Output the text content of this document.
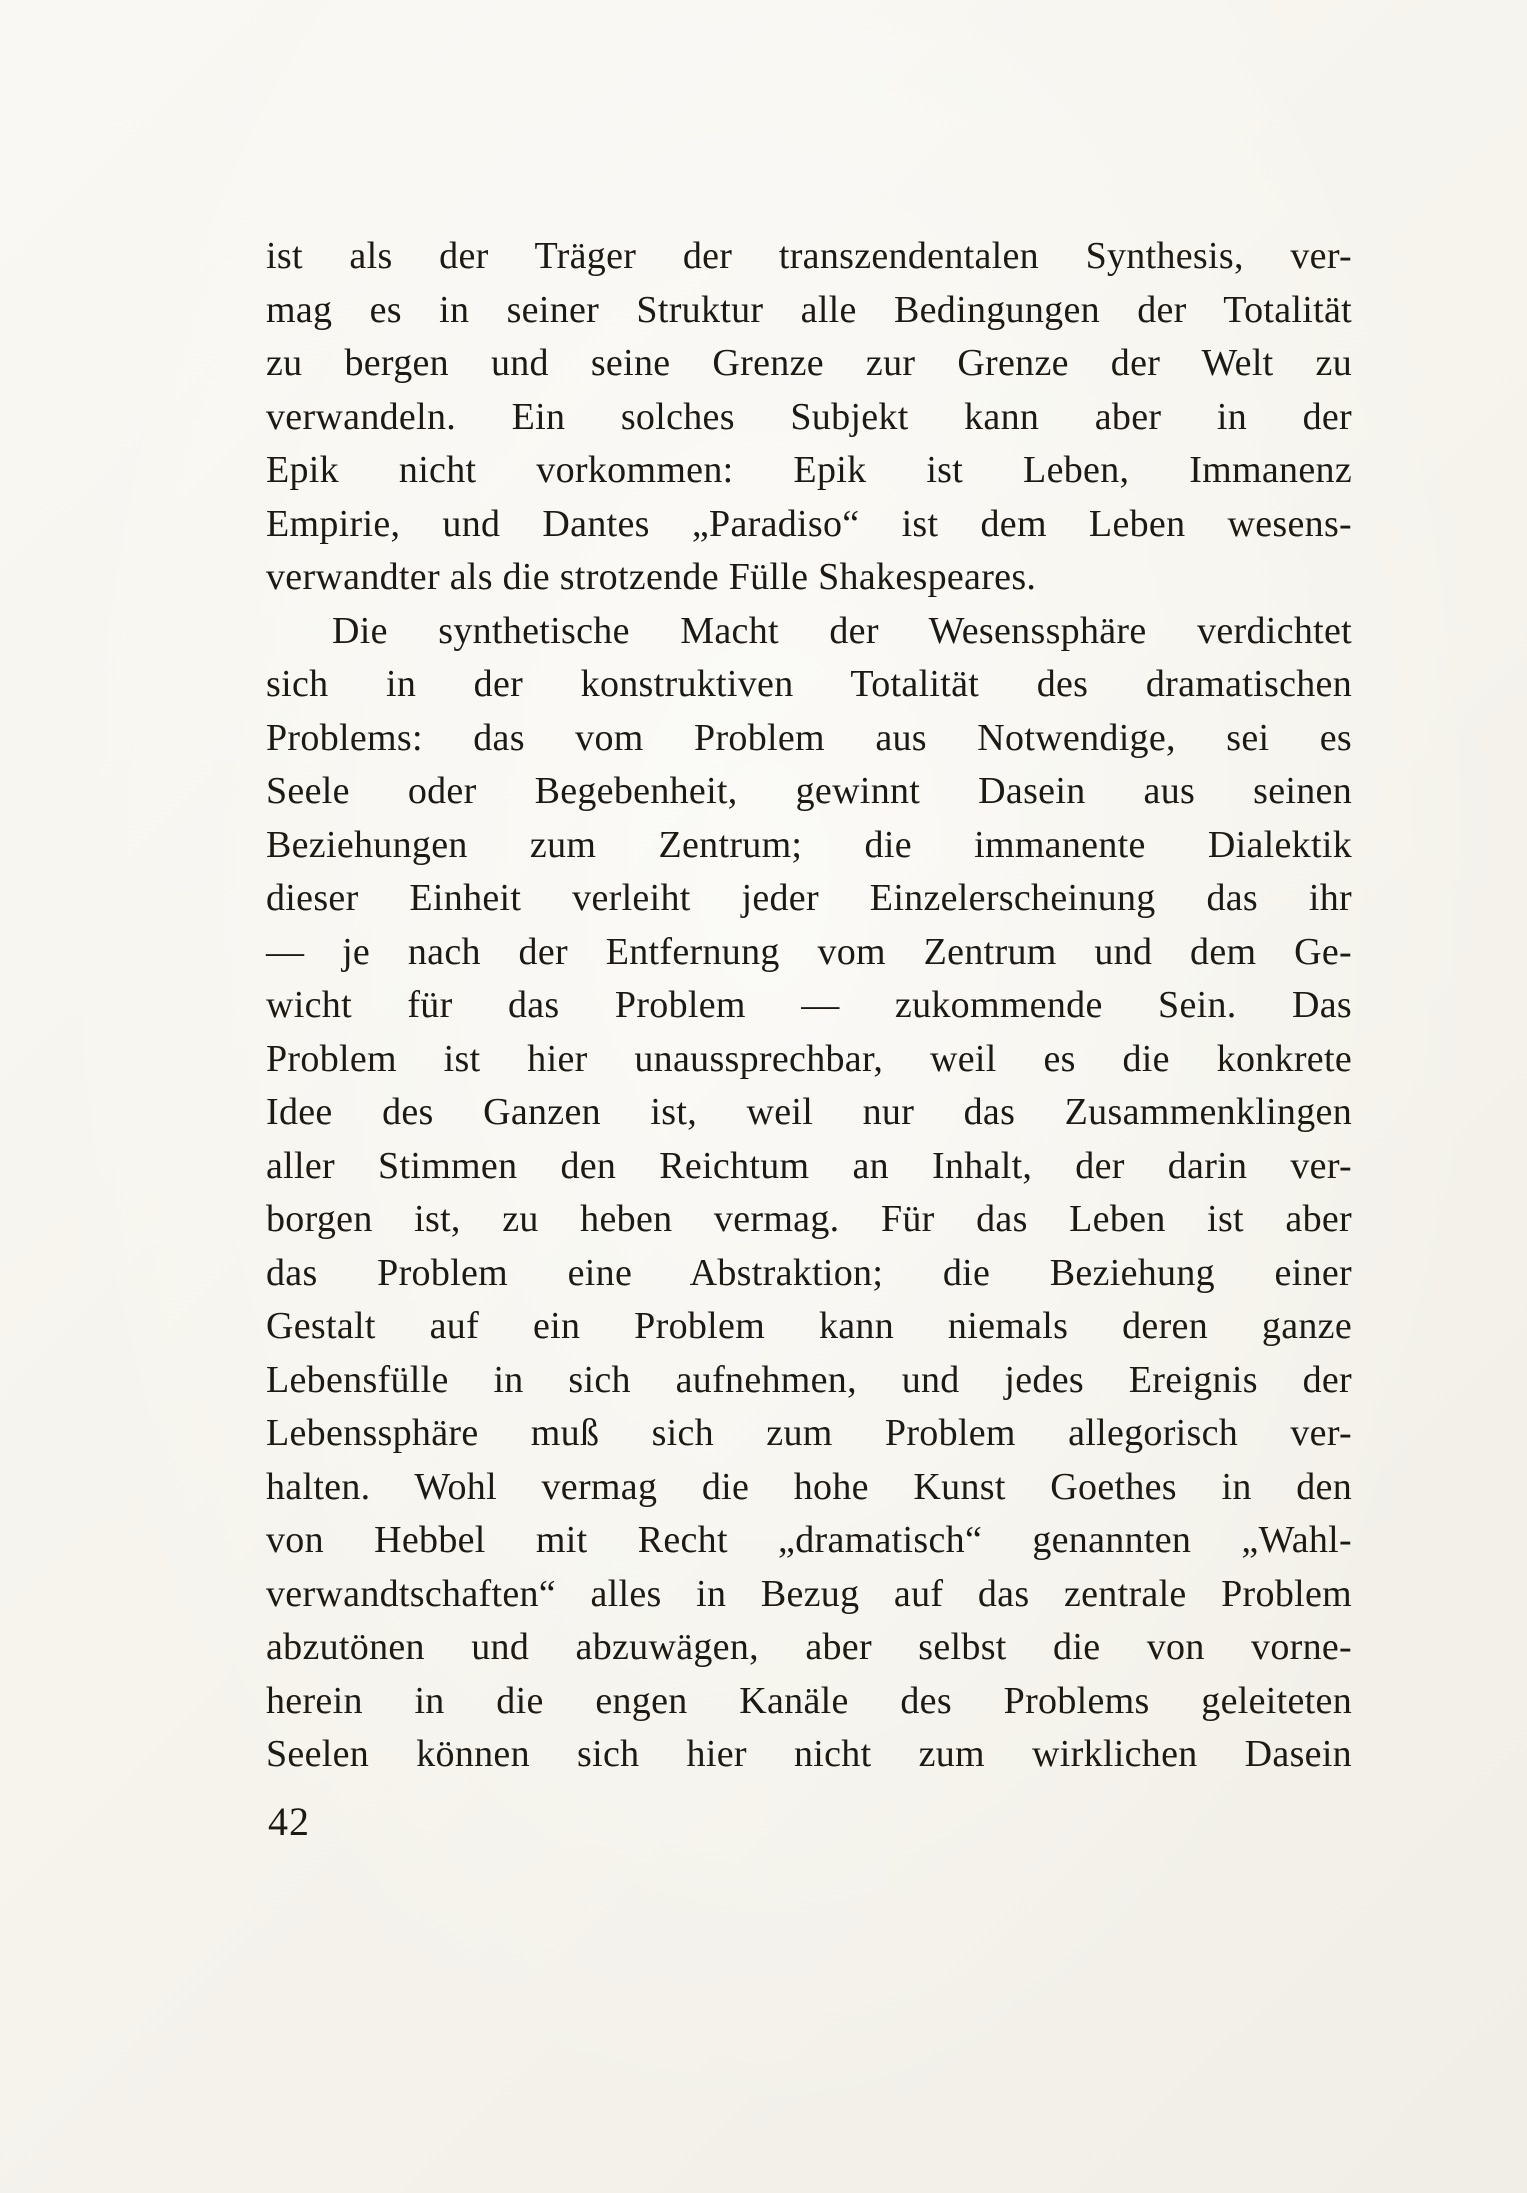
ist als der Träger der transzendentalen Synthesis, ver-
mag es in seiner Struktur alle Bedingungen der Totalität
zu bergen und seine Grenze zur Grenze der Welt zu
verwandeln. Ein solches Subjekt kann aber in der
Epik nicht vorkommen: Epik ist Leben, Immanenz
Empirie, und Dantes „Paradiso“ ist dem Leben wesens-
verwandter als die strotzende Fülle Shakespeares.
Die synthetische Macht der Wesenssphäre verdichtet
sich in der konstruktiven Totalität des dramatischen
Problems: das vom Problem aus Notwendige, sei es
Seele oder Begebenheit, gewinnt Dasein aus seinen
Beziehungen zum Zentrum; die immanente Dialektik
dieser Einheit verleiht jeder Einzelerscheinung das ihr
— je nach der Entfernung vom Zentrum und dem Ge-
wicht für das Problem — zukommende Sein. Das
Problem ist hier unaussprechbar, weil es die konkrete
Idee des Ganzen ist, weil nur das Zusammenklingen
aller Stimmen den Reichtum an Inhalt, der darin ver-
borgen ist, zu heben vermag. Für das Leben ist aber
das Problem eine Abstraktion; die Beziehung einer
Gestalt auf ein Problem kann niemals deren ganze
Lebensfülle in sich aufnehmen, und jedes Ereignis der
Lebenssphäre muß sich zum Problem allegorisch ver-
halten. Wohl vermag die hohe Kunst Goethes in den
von Hebbel mit Recht „dramatisch“ genannten „Wahl-
verwandtschaften“ alles in Bezug auf das zentrale Problem
abzutönen und abzuwägen, aber selbst die von vorne-
herein in die engen Kanäle des Problems geleiteten
Seelen können sich hier nicht zum wirklichen Dasein
42
